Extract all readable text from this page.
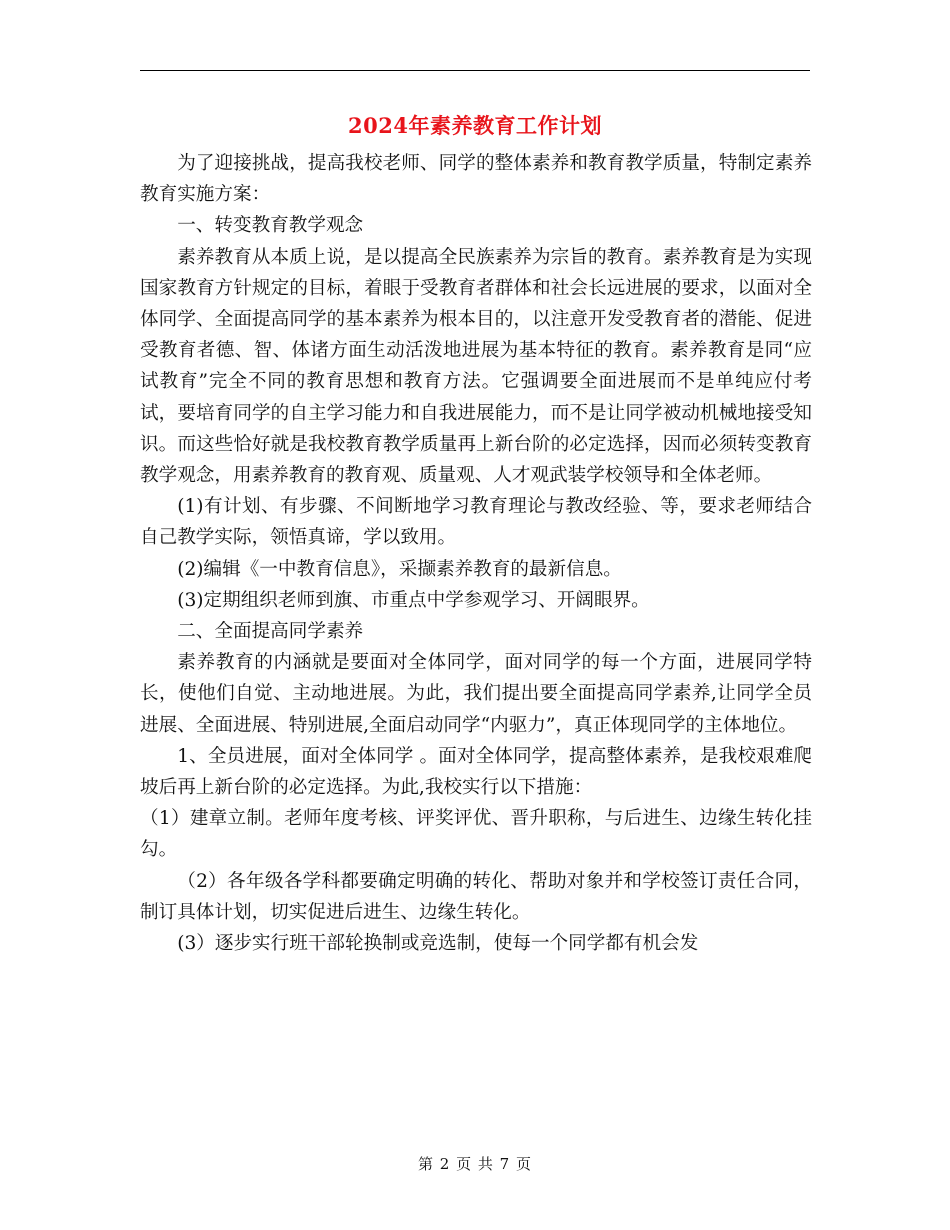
2024年素养教育工作计划

为了迎接挑战，提高我校老师、同学的整体素养和教育教学质量，特制定素养教育实施方案：

一、转变教育教学观念

素养教育从本质上说，是以提高全民族素养为宗旨的教育。素养教育是为实现国家教育方针规定的目标，着眼于受教育者群体和社会长远进展的要求，以面对全体同学、全面提高同学的基本素养为根本目的，以注意开发受教育者的潜能、促进受教育者德、智、体诸方面生动活泼地进展为基本特征的教育。素养教育是同“应试教育”完全不同的教育思想和教育方法。它强调要全面进展而不是单纯应付考试，要培育同学的自主学习能力和自我进展能力，而不是让同学被动机械地接受知识。而这些恰好就是我校教育教学质量再上新台阶的必定选择，因而必须转变教育教学观念，用素养教育的教育观、质量观、人才观武装学校领导和全体老师。

(1)有计划、有步骤、不间断地学习教育理论与教改经验、等，要求老师结合自己教学实际，领悟真谛，学以致用。

(2)编辑《一中教育信息》，采撷素养教育的最新信息。

(3)定期组织老师到旗、市重点中学参观学习、开阔眼界。

二、全面提高同学素养

素养教育的内涵就是要面对全体同学，面对同学的每一个方面，进展同学特长，使他们自觉、主动地进展。为此，我们提出要全面提高同学素养,让同学全员进展、全面进展、特别进展,全面启动同学“内驱力”，真正体现同学的主体地位。

1、全员进展，面对全体同学 。面对全体同学，提高整体素养，是我校艰难爬坡后再上新台阶的必定选择。为此,我校实行以下措施：

（1）建章立制。老师年度考核、评奖评优、晋升职称，与后进生、边缘生转化挂勾。

（2）各年级各学科都要确定明确的转化、帮助对象并和学校签订责任合同，制订具体计划，切实促进后进生、边缘生转化。

(3）逐步实行班干部轮换制或竞选制，使每一个同学都有机会发

第 2 页 共 7 页
